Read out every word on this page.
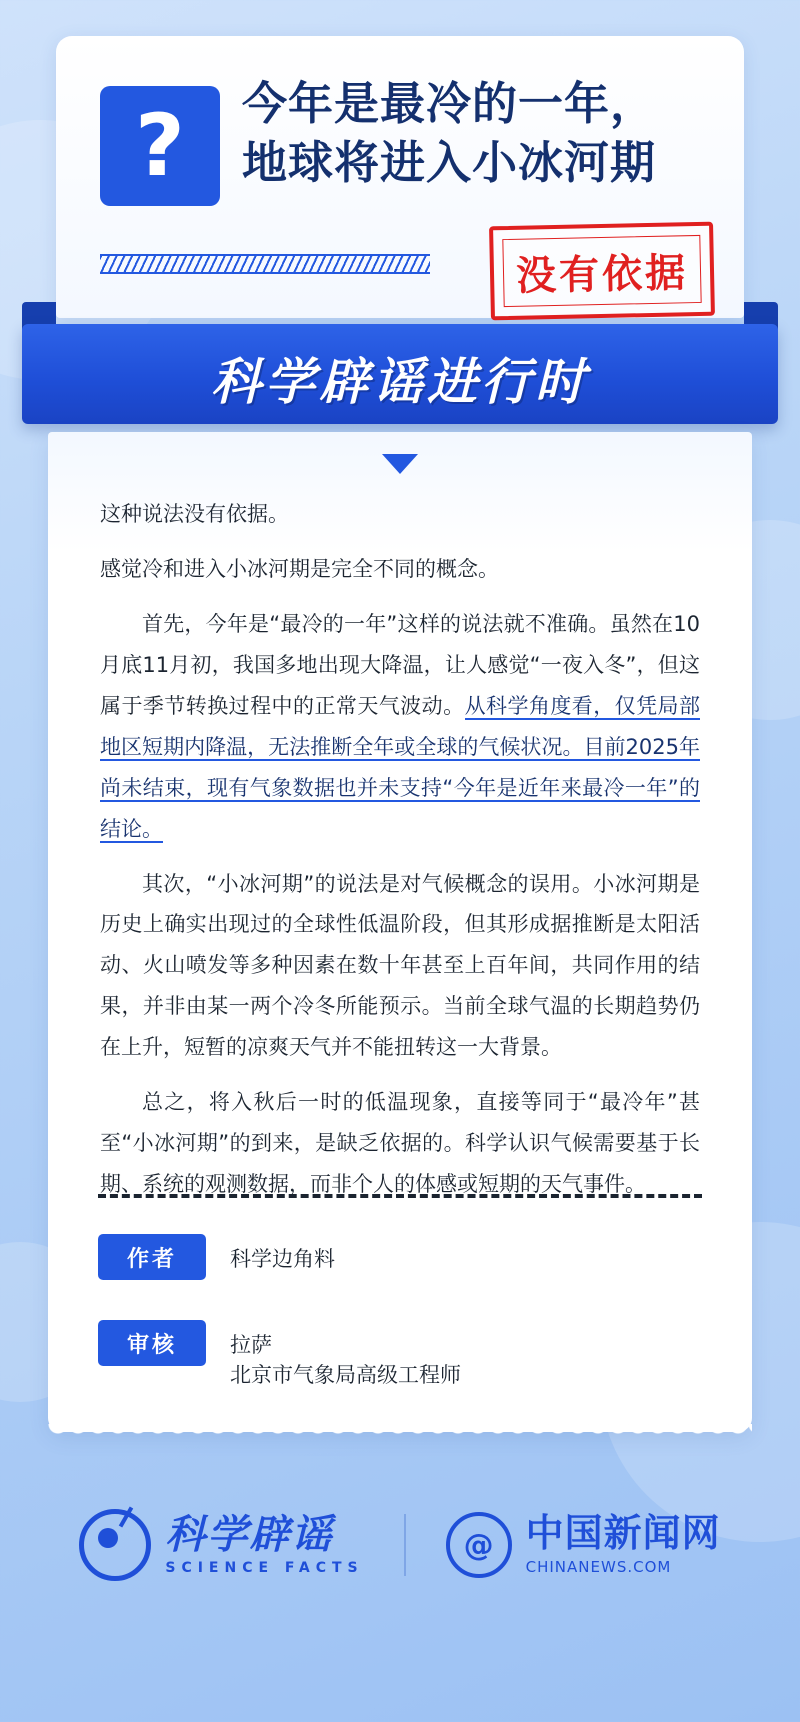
? 今年是最冷的一年，地球将进入小冰河期
没有依据
科学辟谣进行时

这种说法没有依据。

感觉冷和进入小冰河期是完全不同的概念。

首先，今年是“最冷的一年”这样的说法就不准确。虽然在10月底11月初，我国多地出现大降温，让人感觉“一夜入冬”，但这属于季节转换过程中的正常天气波动。从科学角度看，仅凭局部地区短期内降温，无法推断全年或全球的气候状况。目前2025年尚未结束，现有气象数据也并未支持“今年是近年来最冷一年”的结论。

其次，“小冰河期”的说法是对气候概念的误用。小冰河期是历史上确实出现过的全球性低温阶段，但其形成据推断是太阳活动、火山喷发等多种因素在数十年甚至上百年间，共同作用的结果，并非由某一两个冷冬所能预示。当前全球气温的长期趋势仍在上升，短暂的凉爽天气并不能扭转这一大背景。

总之，将入秋后一时的低温现象，直接等同于“最冷年”甚至“小冰河期”的到来，是缺乏依据的。科学认识气候需要基于长期、系统的观测数据，而非个人的体感或短期的天气事件。

作者	科学边角料
审核	拉萨
北京市气象局高级工程师
科学辟谣
SCIENCE FACTS
@ 中国新闻网
CHINANEWS.COM
